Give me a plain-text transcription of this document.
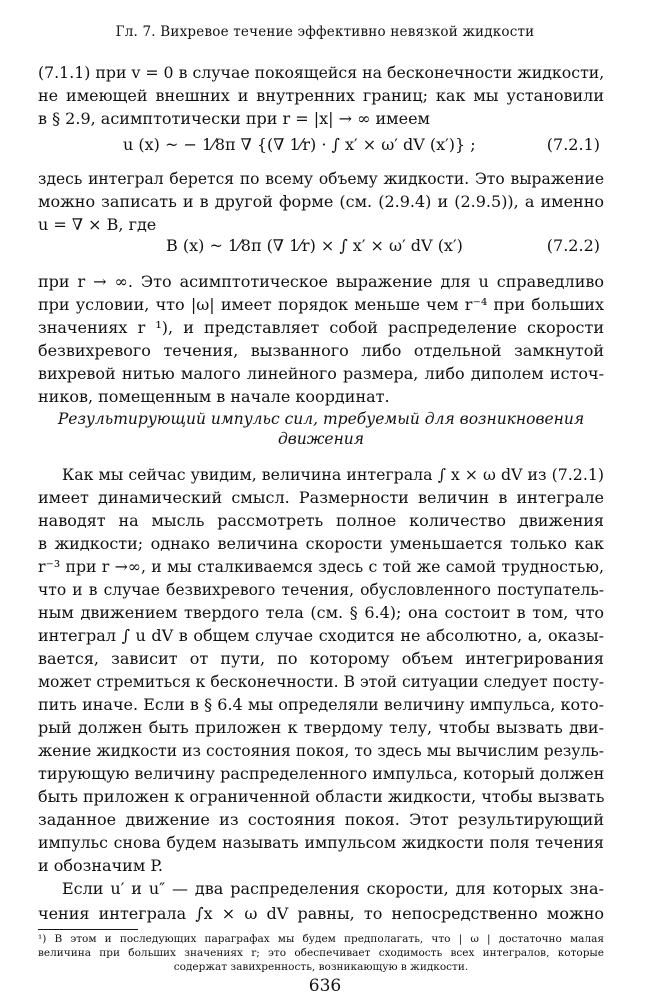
Гл. 7. Вихревое течение эффективно невязкой жидкости
(7.1.1) при v = 0 в случае покоящейся на бесконечности жидкости,
не имеющей внешних и внутренних границ; как мы установили
в § 2.9, асимптотически при r = |x| → ∞ имеем
u (x) ~ − 1⁄8π ∇ {(∇ 1⁄r) · ∫ x′ × ω′ dV (x′)} ;	(7.2.1)
здесь интеграл берется по всему объему жидкости. Это выражение
можно записать и в другой форме (см. (2.9.4) и (2.9.5)), а именно
u = ∇ × B, где
B (x) ~ 1⁄8π (∇ 1⁄r) × ∫ x′ × ω′ dV (x′)	(7.2.2)
при r → ∞. Это асимптотическое выражение для u справедливо
при условии, что |ω| имеет порядок меньше чем r⁻⁴ при больших
значениях r ¹), и представляет собой распределение скорости
безвихревого течения, вызванного либо отдельной замкнутой
вихревой нитью малого линейного размера, либо диполем источ-
ников, помещенным в начале координат.
Результирующий импульс сил, требуемый для возникновения
движения
Как мы сейчас увидим, величина интеграла ∫ x × ω dV из (7.2.1)
имеет динамический смысл. Размерности величин в интеграле
наводят на мысль рассмотреть полное количество движения
в жидкости; однако величина скорости уменьшается только как
r⁻³ при r →∞, и мы сталкиваемся здесь с той же самой трудностью,
что и в случае безвихревого течения, обусловленного поступатель-
ным движением твердого тела (см. § 6.4); она состоит в том, что
интеграл ∫ u dV в общем случае сходится не абсолютно, а, оказы-
вается, зависит от пути, по которому объем интегрирования
может стремиться к бесконечности. В этой ситуации следует посту-
пить иначе. Если в § 6.4 мы определяли величину импульса, кото-
рый должен быть приложен к твердому телу, чтобы вызвать дви-
жение жидкости из состояния покоя, то здесь мы вычислим резуль-
тирующую величину распределенного импульса, который должен
быть приложен к ограниченной области жидкости, чтобы вызвать
заданное движение из состояния покоя. Этот результирующий
импульс снова будем называть импульсом жидкости поля течения
и обозначим P.
Если u′ и u″ — два распределения скорости, для которых зна-
чения интеграла ∫x × ω dV равны, то непосредственно можно
¹) В этом и последующих параграфах мы будем предполагать, что | ω | достаточно малая
величина при больших значениях r; это обеспечивает сходимость всех интегралов, которые
содержат завихренность, возникающую в жидкости.
636
